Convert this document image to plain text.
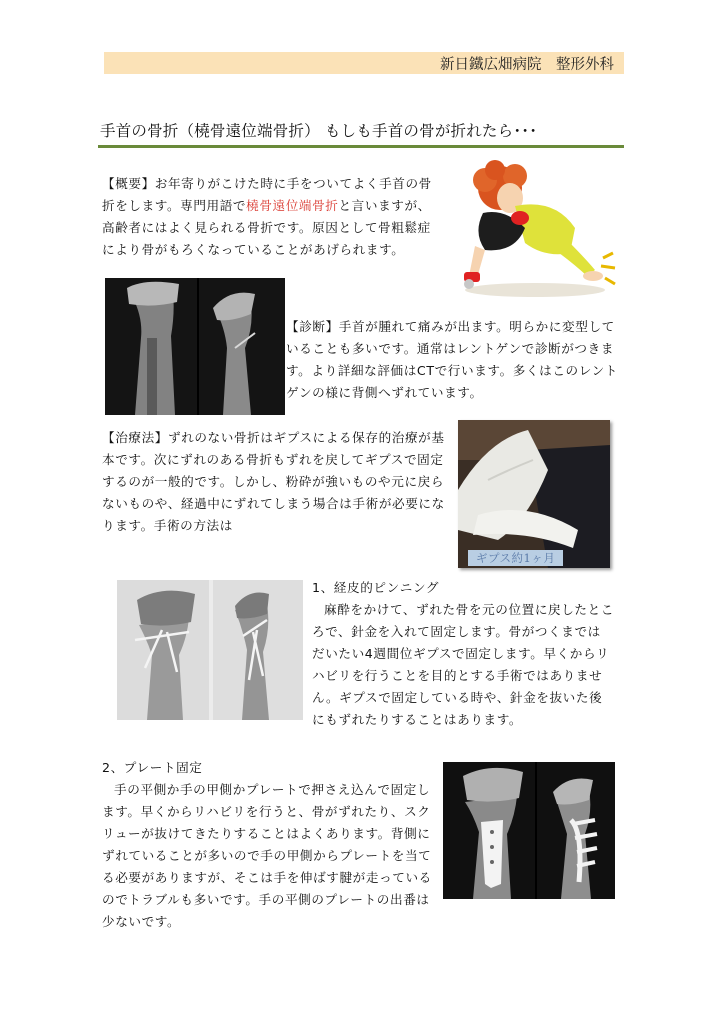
新日鐵広畑病院　整形外科
手首の骨折（橈骨遠位端骨折） もしも手首の骨が折れたら･･･
【概要】お年寄りがこけた時に手をついてよく手首の骨折をします。専門用語で橈骨遠位端骨折と言いますが、高齢者にはよく見られる骨折です。原因として骨粗鬆症により骨がもろくなっていることがあげられます。
【診断】手首が腫れて痛みが出ます。明らかに変型していることも多いです。通常はレントゲンで診断がつきます。より詳細な評価はCTで行います。多くはこのレントゲンの様に背側へずれています。
【治療法】ずれのない骨折はギプスによる保存的治療が基本です。次にずれのある骨折もずれを戻してギプスで固定するのが一般的です。しかし、粉砕が強いものや元に戻らないものや、経過中にずれてしまう場合は手術が必要になります。手術の方法は
ギプス約1ヶ月
1、経皮的ピンニング
麻酔をかけて、ずれた骨を元の位置に戻したところで、針金を入れて固定します。骨がつくまではだいたい4週間位ギプスで固定します。早くからリハビリを行うことを目的とする手術ではありません。ギプスで固定している時や、針金を抜いた後にもずれたりすることはあります。
2、プレート固定
手の平側か手の甲側かプレートで押さえ込んで固定します。早くからリハビリを行うと、骨がずれたり、スクリューが抜けてきたりすることはよくあります。背側にずれていることが多いので手の甲側からプレートを当てる必要がありますが、そこは手を伸ばす腱が走っているのでトラブルも多いです。手の平側のプレートの出番は少ないです。
